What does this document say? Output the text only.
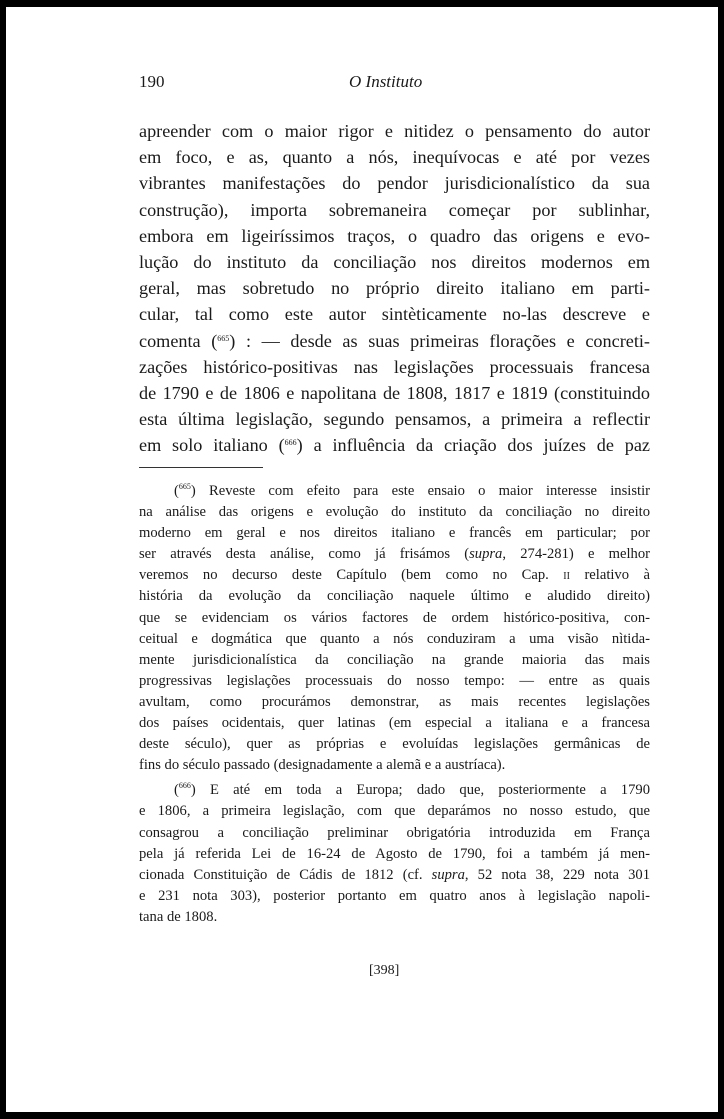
190	O Instituto
apreender com o maior rigor e nitidez o pensamento do autor
em foco, e as, quanto a nós, inequívocas e até por vezes
vibrantes manifestações do pendor jurisdicionalístico da sua
construção), importa sobremaneira começar por sublinhar,
embora em ligeiríssimos traços, o quadro das origens e evo-
lução do instituto da conciliação nos direitos modernos em
geral, mas sobretudo no próprio direito italiano em parti-
cular, tal como este autor sintèticamente no-las descreve e
comenta ($^{665}$) : — desde as suas primeiras florações e concreti-
zações histórico-positivas nas legislações processuais francesa
de 1790 e de 1806 e napolitana de 1808, 1817 e 1819 (constituindo
esta última legislação, segundo pensamos, a primeira a reflectir
em solo italiano ($^{666}$) a influência da criação dos juízes de paz
($^{665}$) Reveste com efeito para este ensaio o maior interesse insistir
na análise das origens e evolução do instituto da conciliação no direito
moderno em geral e nos direitos italiano e francês em particular; por
ser através desta análise, como já frisámos (supra, 274-281) e melhor
veremos no decurso deste Capítulo (bem como no Cap. ii relativo à
história da evolução da conciliação naquele último e aludido direito)
que se evidenciam os vários factores de ordem histórico-positiva, con-
ceitual e dogmática que quanto a nós conduziram a uma visão nìtida-
mente jurisdicionalística da conciliação na grande maioria das mais
progressivas legislações processuais do nosso tempo: — entre as quais
avultam, como procurámos demonstrar, as mais recentes legislações
dos países ocidentais, quer latinas (em especial a italiana e a francesa
deste século), quer as próprias e evoluídas legislações germânicas de
fins do século passado (designadamente a alemã e a austríaca).
($^{666}$) E até em toda a Europa; dado que, posteriormente a 1790
e 1806, a primeira legislação, com que deparámos no nosso estudo, que
consagrou a conciliação preliminar obrigatória introduzida em França
pela já referida Lei de 16-24 de Agosto de 1790, foi a também já men-
cionada Constituição de Cádis de 1812 (cf. supra, 52 nota 38, 229 nota 301
e 231 nota 303), posterior portanto em quatro anos à legislação napoli-
tana de 1808.
[398]
